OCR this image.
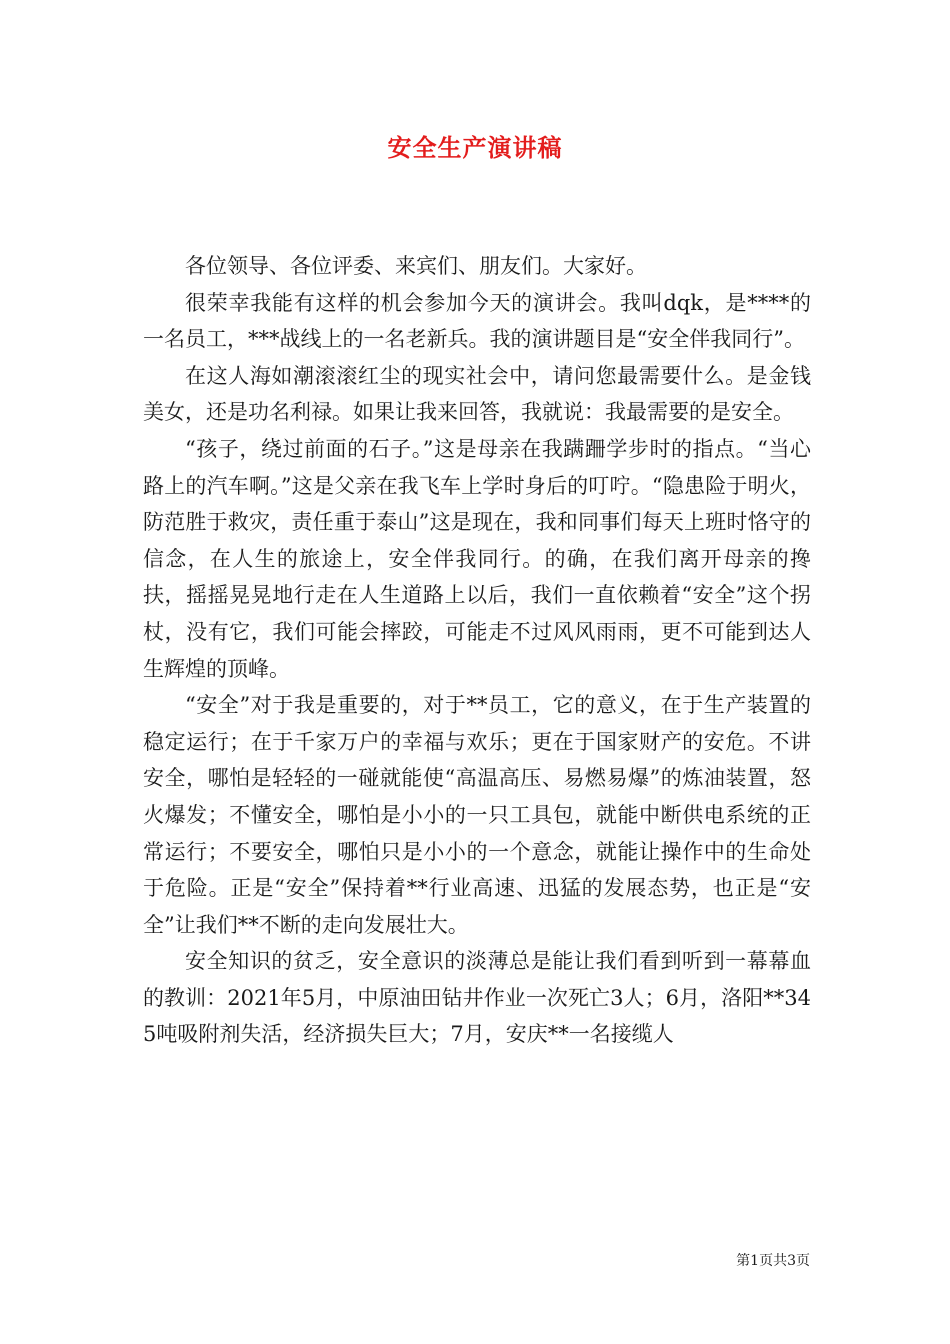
安全生产演讲稿

各位领导、各位评委、来宾们、朋友们。大家好。

很荣幸我能有这样的机会参加今天的演讲会。我叫dqk，是****的一名员工，***战线上的一名老新兵。我的演讲题目是“安全伴我同行”。

在这人海如潮滚滚红尘的现实社会中，请问您最需要什么。是金钱美女，还是功名利禄。如果让我来回答，我就说：我最需要的是安全。

“孩子，绕过前面的石子。”这是母亲在我蹒跚学步时的指点。“当心路上的汽车啊。”这是父亲在我飞车上学时身后的叮咛。“隐患险于明火，防范胜于救灾，责任重于泰山”这是现在，我和同事们每天上班时恪守的信念，在人生的旅途上，安全伴我同行。的确，在我们离开母亲的搀扶，摇摇晃晃地行走在人生道路上以后，我们一直依赖着“安全”这个拐杖，没有它，我们可能会摔跤，可能走不过风风雨雨，更不可能到达人生辉煌的顶峰。

“安全”对于我是重要的，对于**员工，它的意义，在于生产装置的稳定运行；在于千家万户的幸福与欢乐；更在于国家财产的安危。不讲安全，哪怕是轻轻的一碰就能使“高温高压、易燃易爆”的炼油装置，怒火爆发；不懂安全，哪怕是小小的一只工具包，就能中断供电系统的正常运行；不要安全，哪怕只是小小的一个意念，就能让操作中的生命处于危险。正是“安全”保持着**行业高速、迅猛的发展态势，也正是“安全”让我们**不断的走向发展壮大。

安全知识的贫乏，安全意识的淡薄总是能让我们看到听到一幕幕血的教训：2021年5月，中原油田钻井作业一次死亡3人；6月，洛阳**345吨吸附剂失活，经济损失巨大；7月，安庆**一名接缆人

第1页共3页
